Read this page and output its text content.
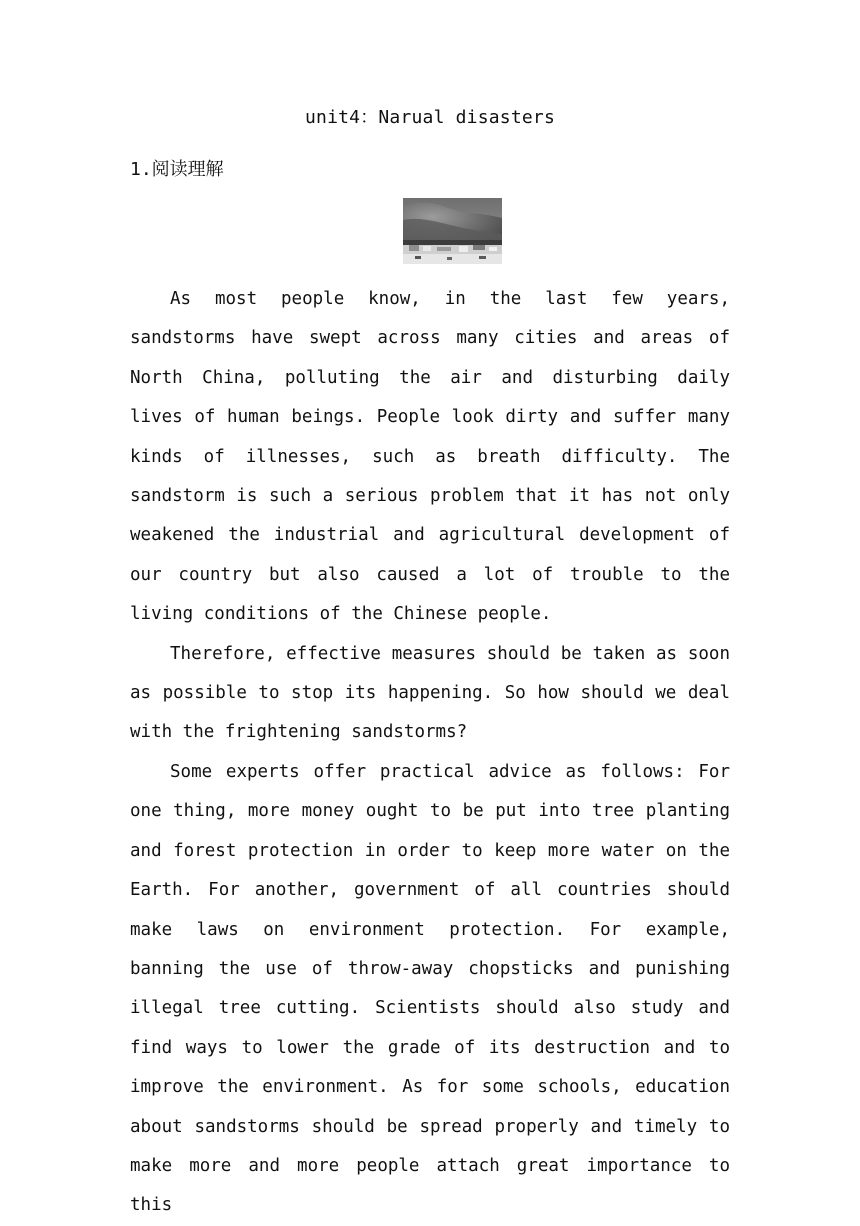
unit4：Narual disasters
1.阅读理解

As most people know, in the last few years, sandstorms have swept across many cities and areas of North China, polluting the air and disturbing daily lives of human beings. People look dirty and suffer many kinds of illnesses, such as breath difficulty. The sandstorm is such a serious problem that it has not only weakened the industrial and agricultural development of our country but also caused a lot of trouble to the living conditions of the Chinese people.

Therefore, effective measures should be taken as soon as possible to stop its happening. So how should we deal with the frightening sandstorms?

Some experts offer practical advice as follows: For one thing, more money ought to be put into tree planting and forest protection in order to keep more water on the Earth. For another, government of all countries should make laws on environment protection. For example, banning the use of throw-away chopsticks and punishing illegal tree cutting. Scientists should also study and find ways to lower the grade of its destruction and to improve the environment. As for some schools, education about sandstorms should be spread properly and timely to make more and more people attach great importance to this
